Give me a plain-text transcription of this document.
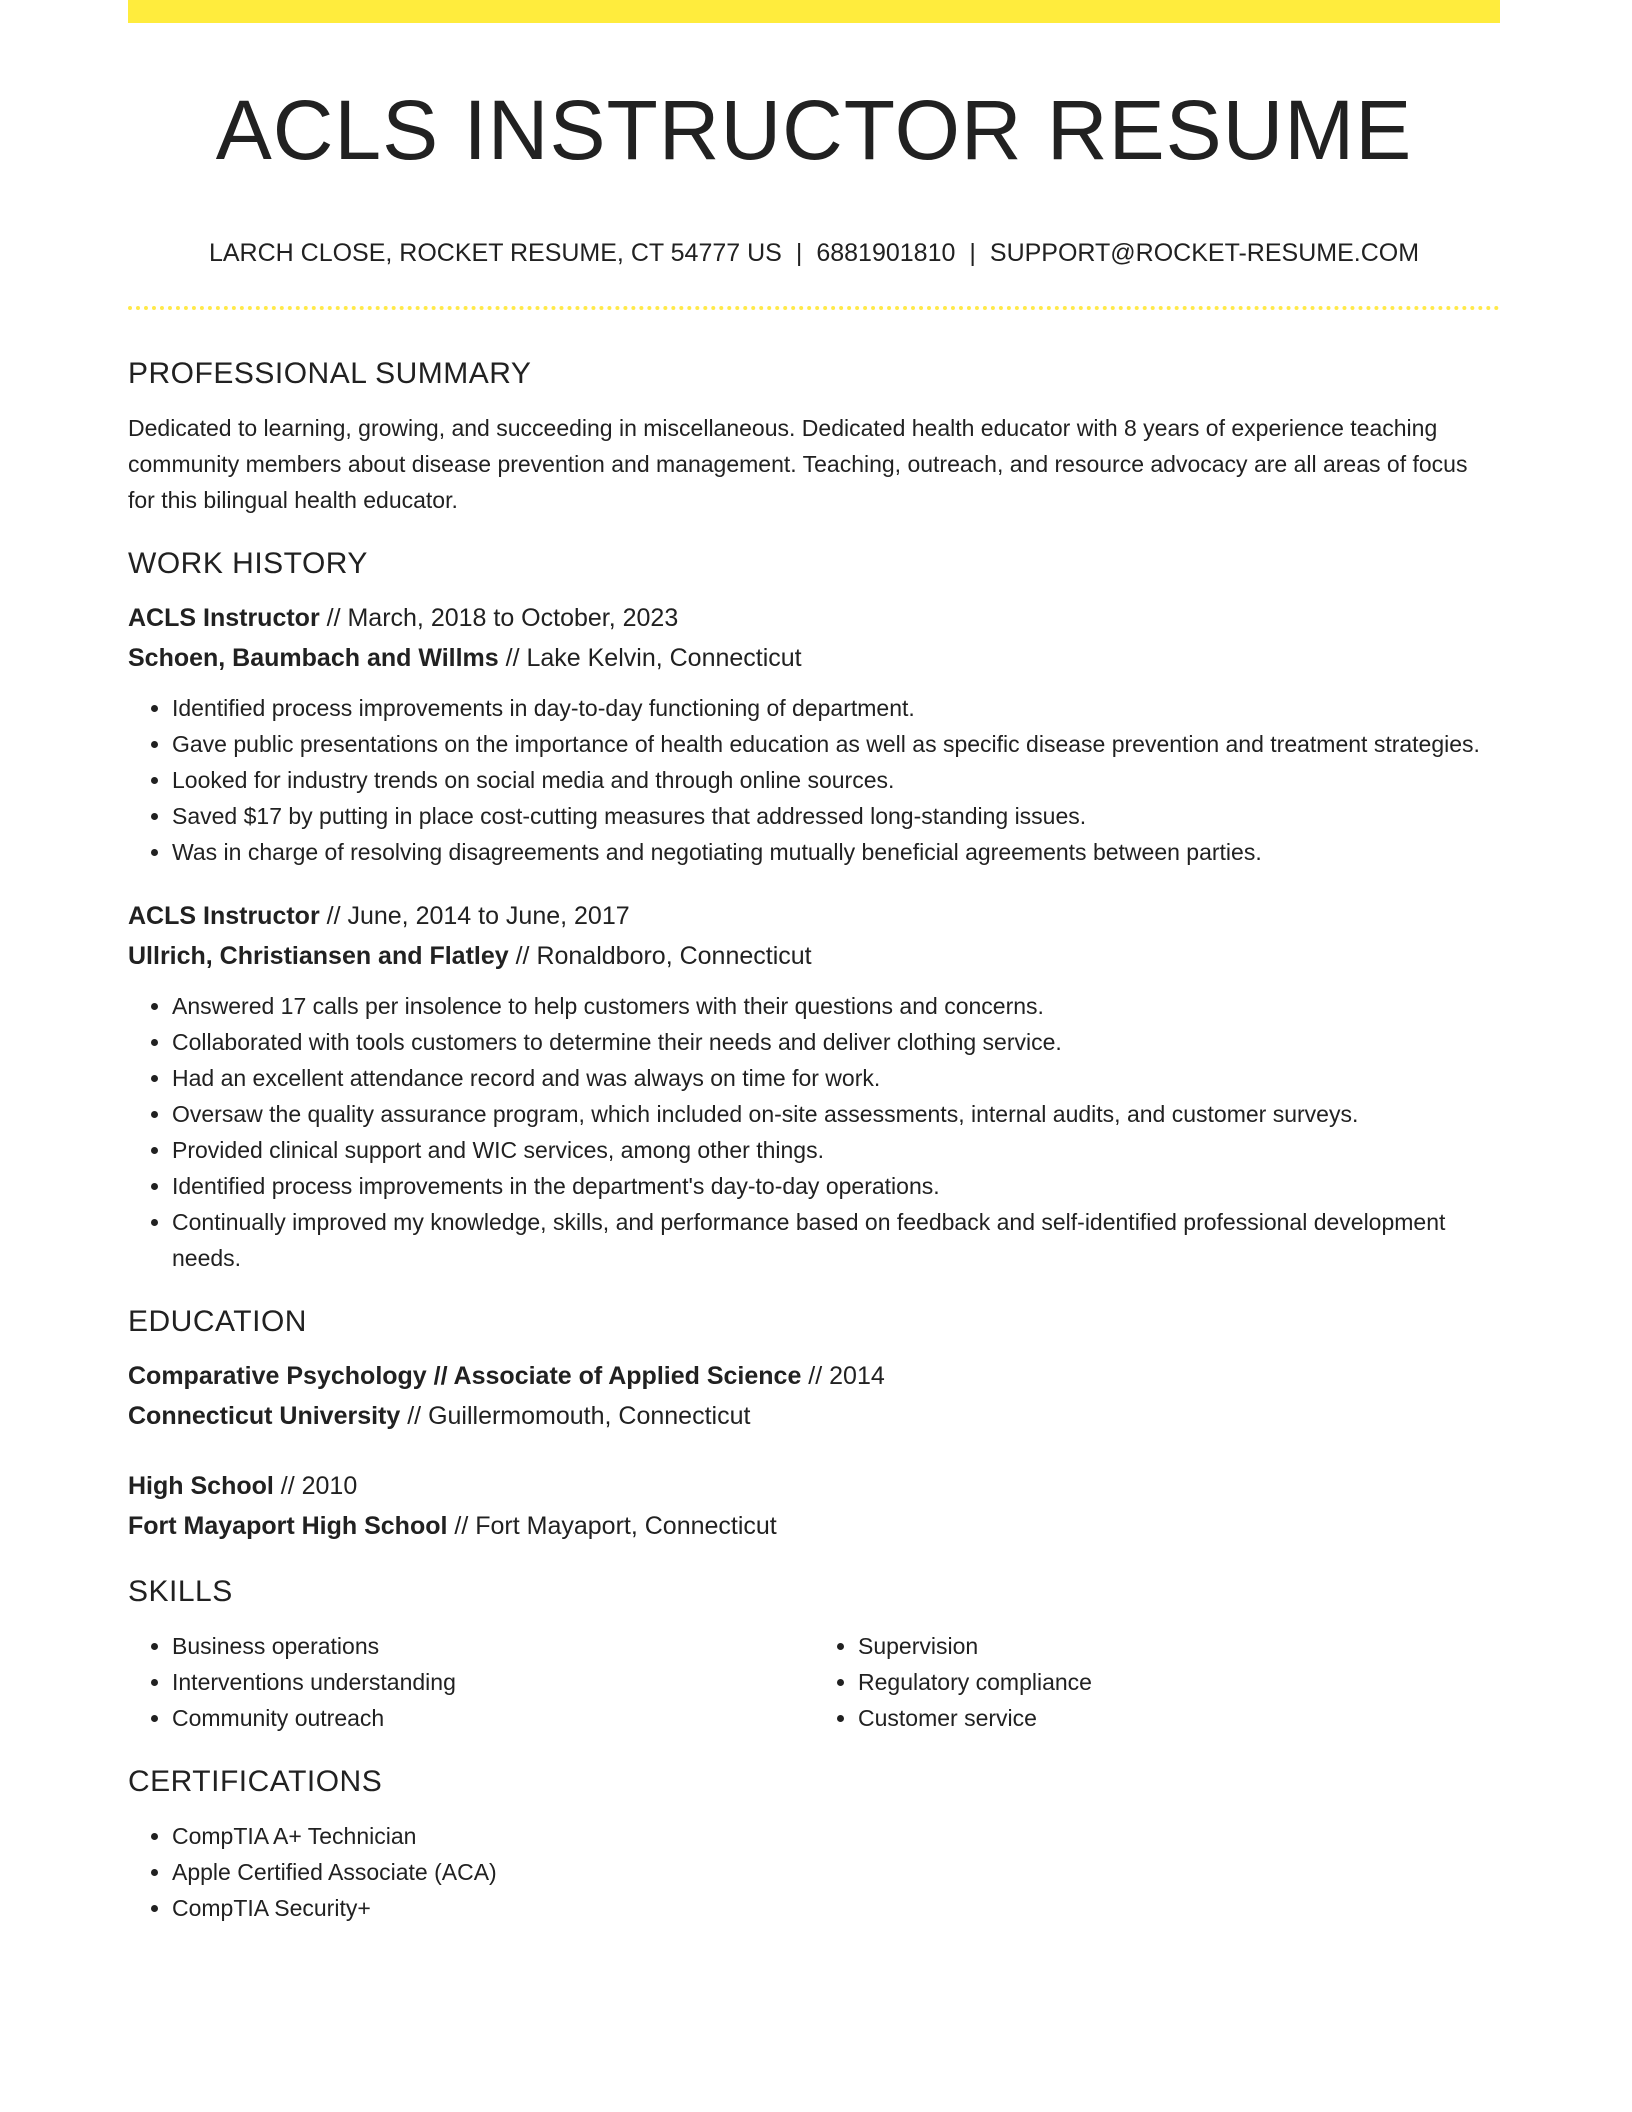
ACLS INSTRUCTOR RESUME
LARCH CLOSE, ROCKET RESUME, CT 54777 US | 6881901810 | SUPPORT@ROCKET-RESUME.COM
PROFESSIONAL SUMMARY

Dedicated to learning, growing, and succeeding in miscellaneous. Dedicated health educator with 8 years of experience teaching community members about disease prevention and management. Teaching, outreach, and resource advocacy are all areas of focus for this bilingual health educator.

WORK HISTORY

ACLS Instructor // March, 2018 to October, 2023

Schoen, Baumbach and Willms // Lake Kelvin, Connecticut

• Identified process improvements in day-to-day functioning of department.
• Gave public presentations on the importance of health education as well as specific disease prevention and treatment strategies.
• Looked for industry trends on social media and through online sources.
• Saved $17 by putting in place cost-cutting measures that addressed long-standing issues.
• Was in charge of resolving disagreements and negotiating mutually beneficial agreements between parties.

ACLS Instructor // June, 2014 to June, 2017

Ullrich, Christiansen and Flatley // Ronaldboro, Connecticut

• Answered 17 calls per insolence to help customers with their questions and concerns.
• Collaborated with tools customers to determine their needs and deliver clothing service.
• Had an excellent attendance record and was always on time for work.
• Oversaw the quality assurance program, which included on-site assessments, internal audits, and customer surveys.
• Provided clinical support and WIC services, among other things.
• Identified process improvements in the department's day-to-day operations.
• Continually improved my knowledge, skills, and performance based on feedback and self-identified professional development needs.
EDUCATION

Comparative Psychology // Associate of Applied Science // 2014

Connecticut University // Guillermomouth, Connecticut

High School // 2010

Fort Mayaport High School // Fort Mayaport, Connecticut

SKILLS
• Business operations
• Interventions understanding
• Community outreach
• Supervision
• Regulatory compliance
• Customer service
CERTIFICATIONS
• CompTIA A+ Technician
• Apple Certified Associate (ACA)
• CompTIA Security+
